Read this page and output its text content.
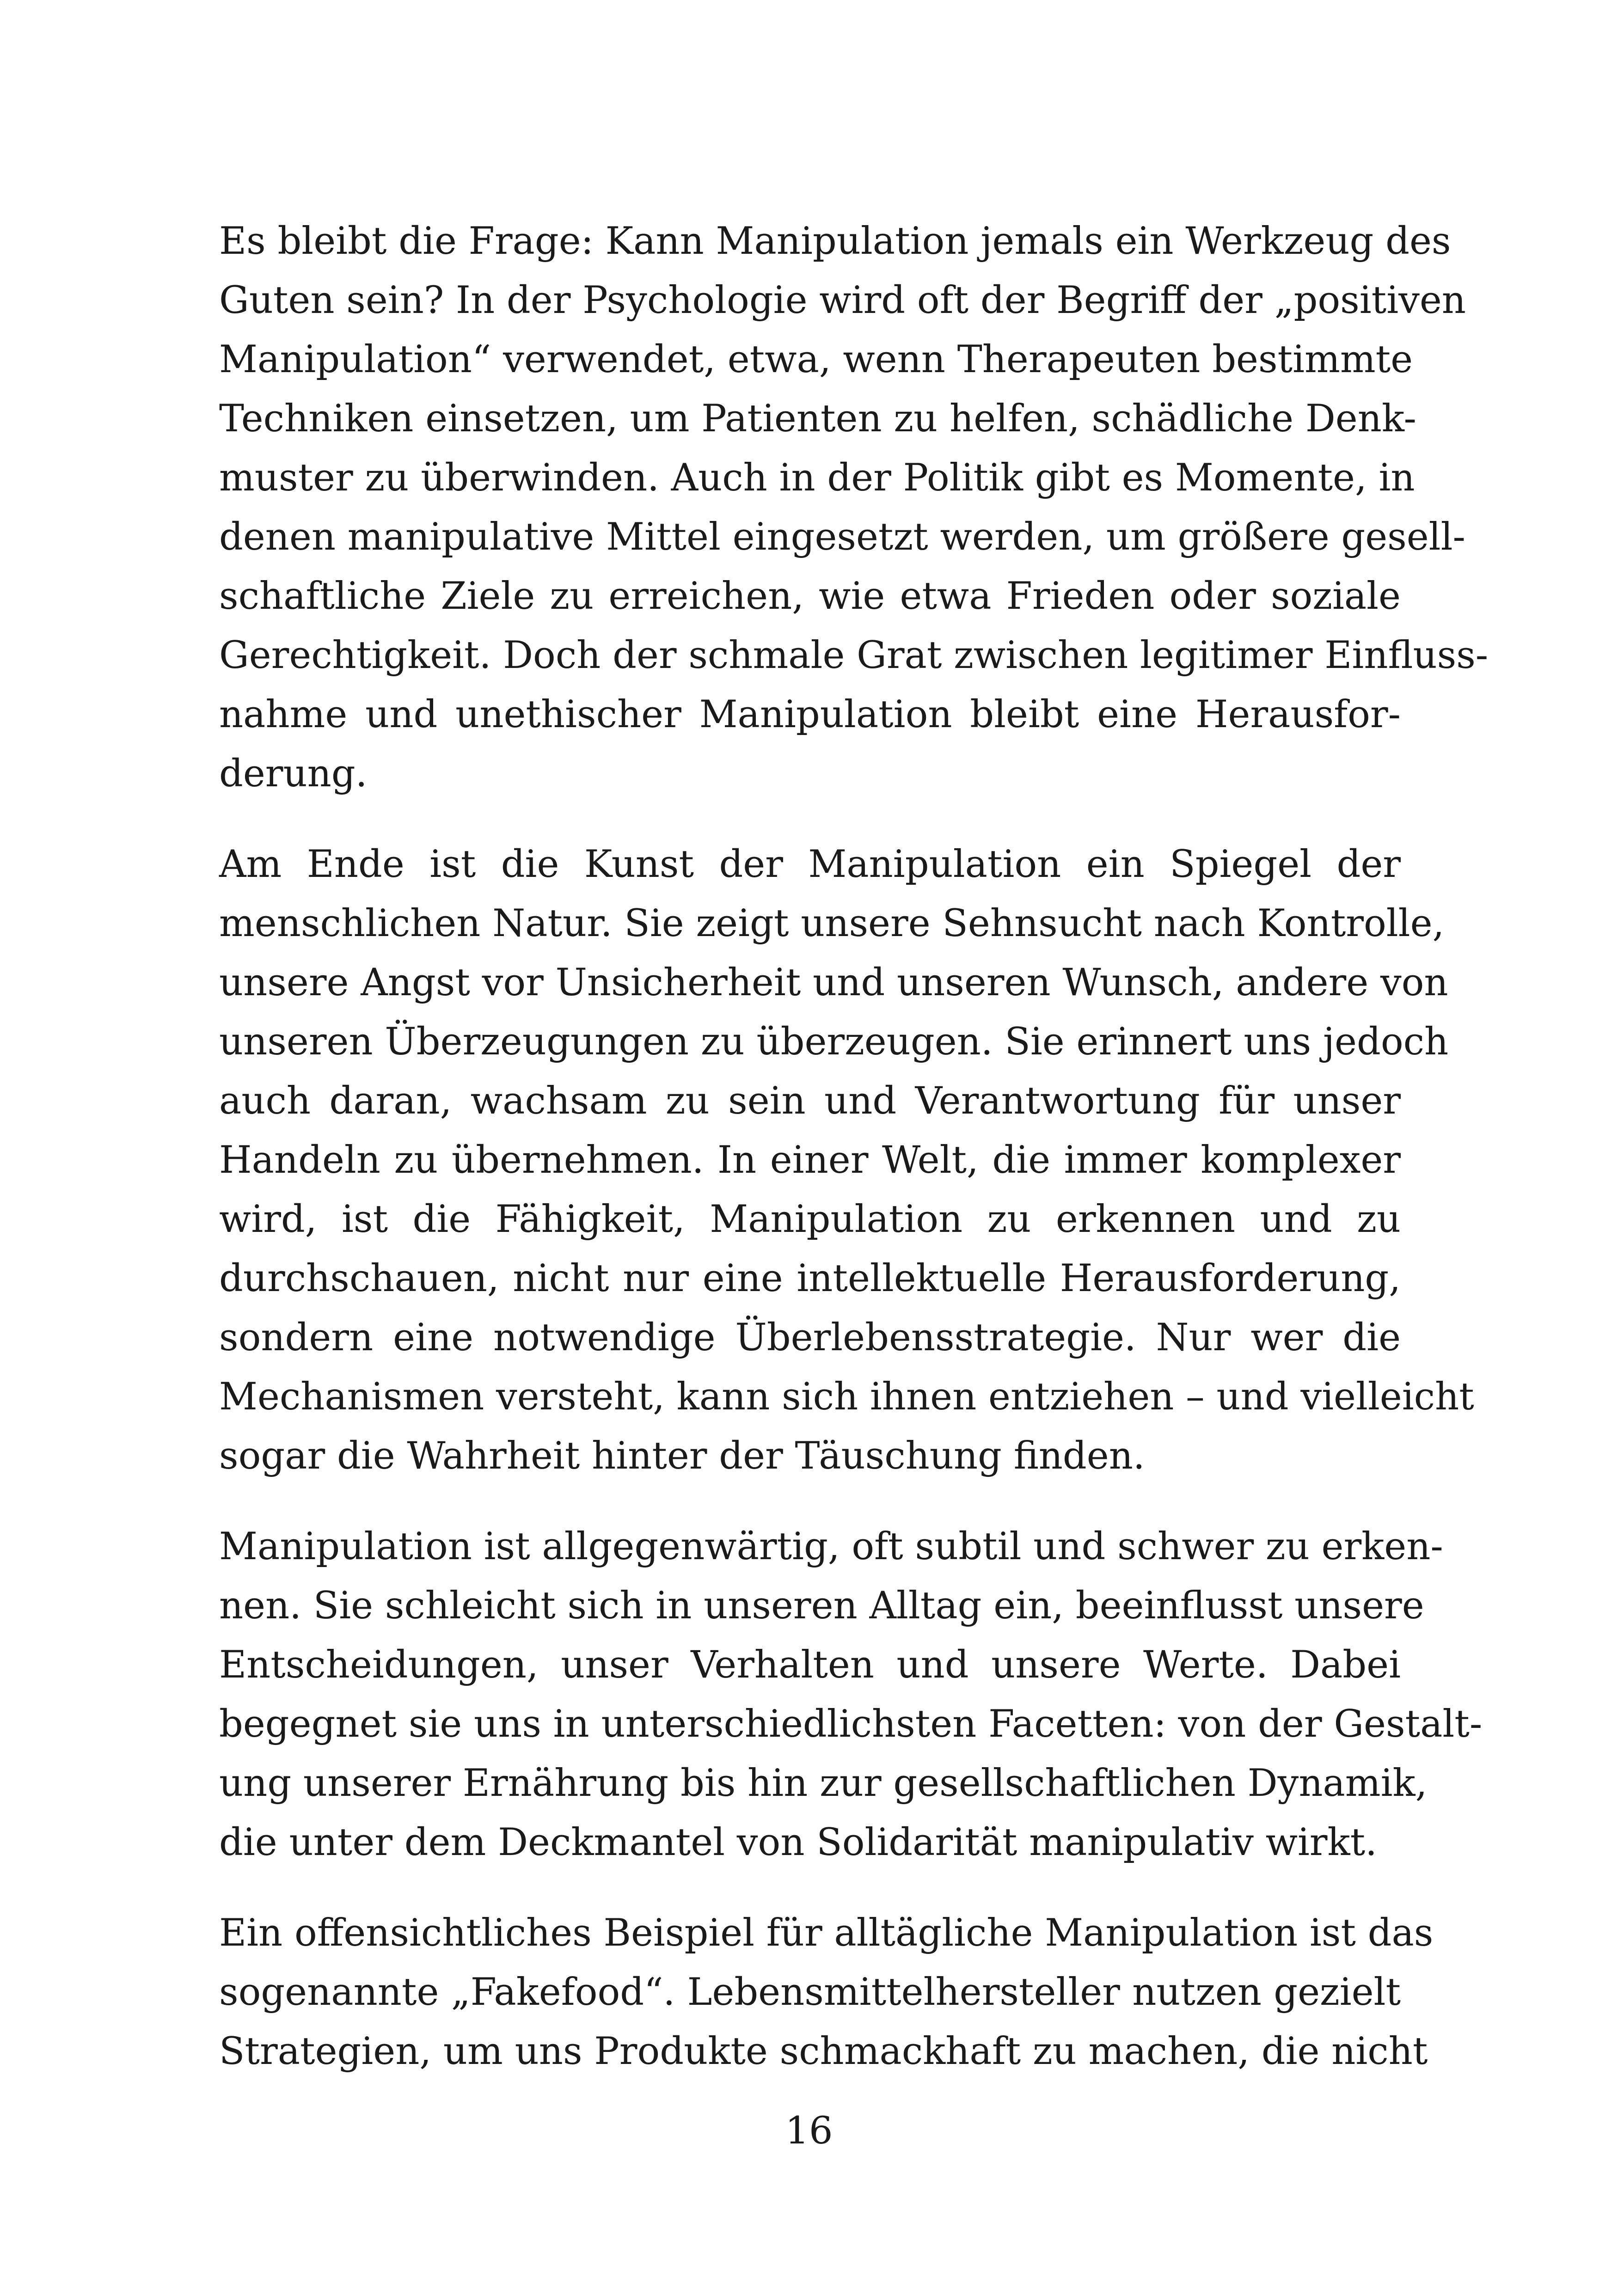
Es bleibt die Frage: Kann Manipulation jemals ein Werkzeug des
Guten sein? In der Psychologie wird oft der Begriff der „positiven
Manipulation“ verwendet, etwa, wenn Therapeuten bestimmte
Techniken einsetzen, um Patienten zu helfen, schädliche Denk-
muster zu überwinden. Auch in der Politik gibt es Momente, in
denen manipulative Mittel eingesetzt werden, um größere gesell-
schaftliche Ziele zu erreichen, wie etwa Frieden oder soziale
Gerechtigkeit. Doch der schmale Grat zwischen legitimer Einfluss-
nahme und unethischer Manipulation bleibt eine Herausfor-
derung.
Am Ende ist die Kunst der Manipulation ein Spiegel der
menschlichen Natur. Sie zeigt unsere Sehnsucht nach Kontrolle,
unsere Angst vor Unsicherheit und unseren Wunsch, andere von
unseren Überzeugungen zu überzeugen. Sie erinnert uns jedoch
auch daran, wachsam zu sein und Verantwortung für unser
Handeln zu übernehmen. In einer Welt, die immer komplexer
wird, ist die Fähigkeit, Manipulation zu erkennen und zu
durchschauen, nicht nur eine intellektuelle Herausforderung,
sondern eine notwendige Überlebensstrategie. Nur wer die
Mechanismen versteht, kann sich ihnen entziehen – und vielleicht
sogar die Wahrheit hinter der Täuschung finden.
Manipulation ist allgegenwärtig, oft subtil und schwer zu erken-
nen. Sie schleicht sich in unseren Alltag ein, beeinflusst unsere
Entscheidungen, unser Verhalten und unsere Werte. Dabei
begegnet sie uns in unterschiedlichsten Facetten: von der Gestalt-
ung unserer Ernährung bis hin zur gesellschaftlichen Dynamik,
die unter dem Deckmantel von Solidarität manipulativ wirkt.
Ein offensichtliches Beispiel für alltägliche Manipulation ist das
sogenannte „Fakefood“. Lebensmittelhersteller nutzen gezielt
Strategien, um uns Produkte schmackhaft zu machen, die nicht
16
